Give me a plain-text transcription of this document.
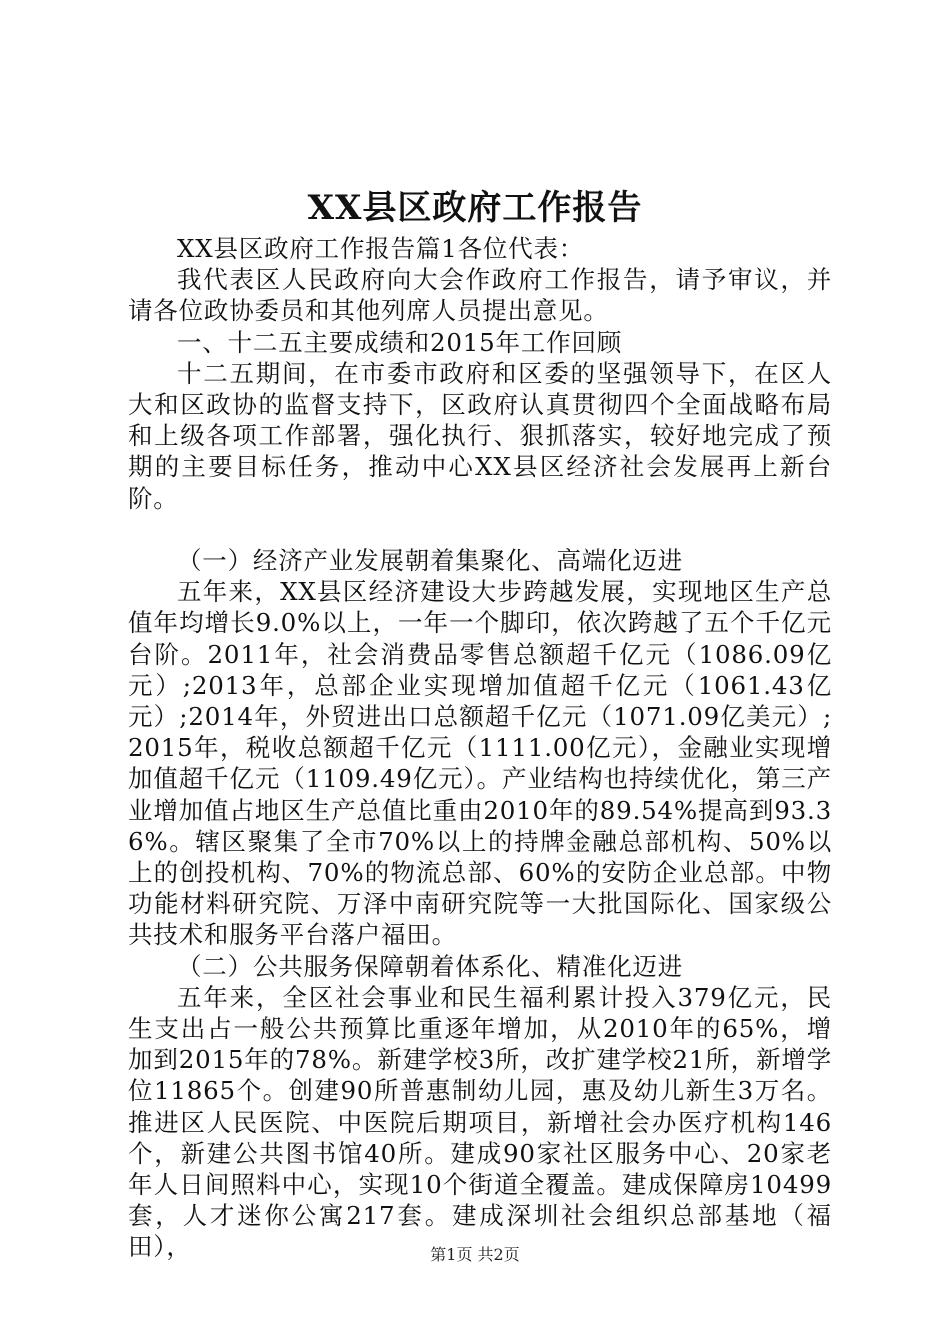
XX县区政府工作报告

XX县区政府工作报告篇1各位代表：

我代表区人民政府向大会作政府工作报告，请予审议，并请各位政协委员和其他列席人员提出意见。

一、十二五主要成绩和2015年工作回顾

十二五期间，在市委市政府和区委的坚强领导下，在区人大和区政协的监督支持下，区政府认真贯彻四个全面战略布局和上级各项工作部署，强化执行、狠抓落实，较好地完成了预期的主要目标任务，推动中心XX县区经济社会发展再上新台阶。

（一）经济产业发展朝着集聚化、高端化迈进

五年来，XX县区经济建设大步跨越发展，实现地区生产总值年均增长9.0%以上，一年一个脚印，依次跨越了五个千亿元台阶。2011年，社会消费品零售总额超千亿元（1086.09亿元）;2013年，总部企业实现增加值超千亿元（1061.43亿元）;2014年，外贸进出口总额超千亿元（1071.09亿美元）;2015年，税收总额超千亿元（1111.00亿元），金融业实现增加值超千亿元（1109.49亿元）。产业结构也持续优化，第三产业增加值占地区生产总值比重由2010年的89.54%提高到93.36%。辖区聚集了全市70%以上的持牌金融总部机构、50%以上的创投机构、70%的物流总部、60%的安防企业总部。中物功能材料研究院、万泽中南研究院等一大批国际化、国家级公共技术和服务平台落户福田。

（二）公共服务保障朝着体系化、精准化迈进

五年来，全区社会事业和民生福利累计投入379亿元，民生支出占一般公共预算比重逐年增加，从2010年的65%，增加到2015年的78%。新建学校3所，改扩建学校21所，新增学位11865个。创建90所普惠制幼儿园，惠及幼儿新生3万名。推进区人民医院、中医院后期项目，新增社会办医疗机构146个，新建公共图书馆40所。建成90家社区服务中心、20家老年人日间照料中心，实现10个街道全覆盖。建成保障房10499套，人才迷你公寓217套。建成深圳社会组织总部基地（福田），	第1页 共2页
